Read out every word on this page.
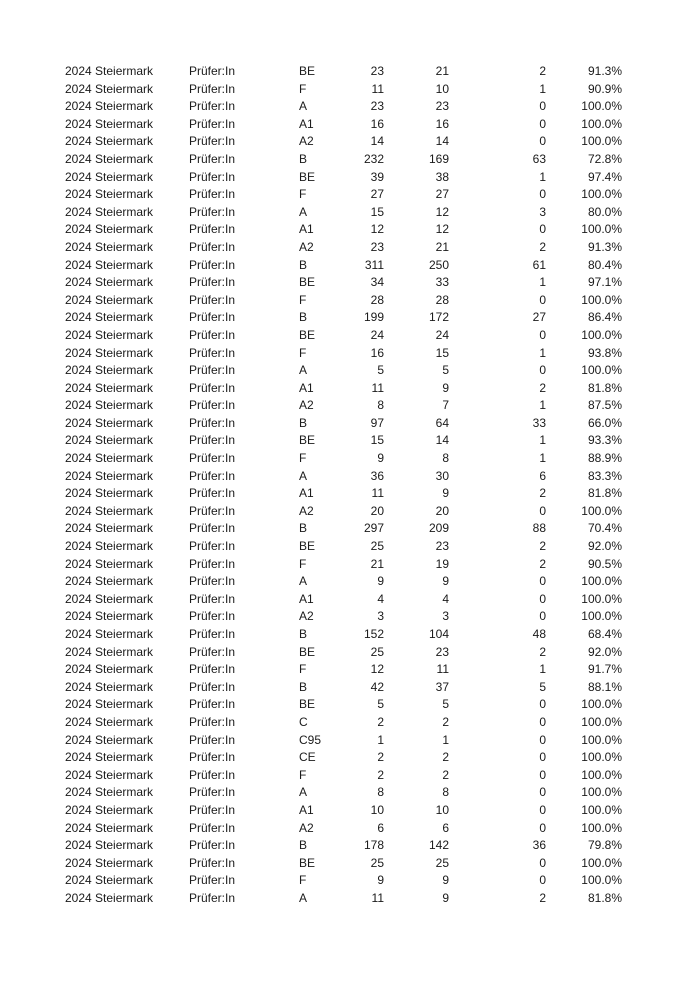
2024 Steiermark	Prüfer:In	BE	23	21	2	91.3%
2024 Steiermark	Prüfer:In	F	11	10	1	90.9%
2024 Steiermark	Prüfer:In	A	23	23	0	100.0%
2024 Steiermark	Prüfer:In	A1	16	16	0	100.0%
2024 Steiermark	Prüfer:In	A2	14	14	0	100.0%
2024 Steiermark	Prüfer:In	B	232	169	63	72.8%
2024 Steiermark	Prüfer:In	BE	39	38	1	97.4%
2024 Steiermark	Prüfer:In	F	27	27	0	100.0%
2024 Steiermark	Prüfer:In	A	15	12	3	80.0%
2024 Steiermark	Prüfer:In	A1	12	12	0	100.0%
2024 Steiermark	Prüfer:In	A2	23	21	2	91.3%
2024 Steiermark	Prüfer:In	B	311	250	61	80.4%
2024 Steiermark	Prüfer:In	BE	34	33	1	97.1%
2024 Steiermark	Prüfer:In	F	28	28	0	100.0%
2024 Steiermark	Prüfer:In	B	199	172	27	86.4%
2024 Steiermark	Prüfer:In	BE	24	24	0	100.0%
2024 Steiermark	Prüfer:In	F	16	15	1	93.8%
2024 Steiermark	Prüfer:In	A	5	5	0	100.0%
2024 Steiermark	Prüfer:In	A1	11	9	2	81.8%
2024 Steiermark	Prüfer:In	A2	8	7	1	87.5%
2024 Steiermark	Prüfer:In	B	97	64	33	66.0%
2024 Steiermark	Prüfer:In	BE	15	14	1	93.3%
2024 Steiermark	Prüfer:In	F	9	8	1	88.9%
2024 Steiermark	Prüfer:In	A	36	30	6	83.3%
2024 Steiermark	Prüfer:In	A1	11	9	2	81.8%
2024 Steiermark	Prüfer:In	A2	20	20	0	100.0%
2024 Steiermark	Prüfer:In	B	297	209	88	70.4%
2024 Steiermark	Prüfer:In	BE	25	23	2	92.0%
2024 Steiermark	Prüfer:In	F	21	19	2	90.5%
2024 Steiermark	Prüfer:In	A	9	9	0	100.0%
2024 Steiermark	Prüfer:In	A1	4	4	0	100.0%
2024 Steiermark	Prüfer:In	A2	3	3	0	100.0%
2024 Steiermark	Prüfer:In	B	152	104	48	68.4%
2024 Steiermark	Prüfer:In	BE	25	23	2	92.0%
2024 Steiermark	Prüfer:In	F	12	11	1	91.7%
2024 Steiermark	Prüfer:In	B	42	37	5	88.1%
2024 Steiermark	Prüfer:In	BE	5	5	0	100.0%
2024 Steiermark	Prüfer:In	C	2	2	0	100.0%
2024 Steiermark	Prüfer:In	C95	1	1	0	100.0%
2024 Steiermark	Prüfer:In	CE	2	2	0	100.0%
2024 Steiermark	Prüfer:In	F	2	2	0	100.0%
2024 Steiermark	Prüfer:In	A	8	8	0	100.0%
2024 Steiermark	Prüfer:In	A1	10	10	0	100.0%
2024 Steiermark	Prüfer:In	A2	6	6	0	100.0%
2024 Steiermark	Prüfer:In	B	178	142	36	79.8%
2024 Steiermark	Prüfer:In	BE	25	25	0	100.0%
2024 Steiermark	Prüfer:In	F	9	9	0	100.0%
2024 Steiermark	Prüfer:In	A	11	9	2	81.8%
